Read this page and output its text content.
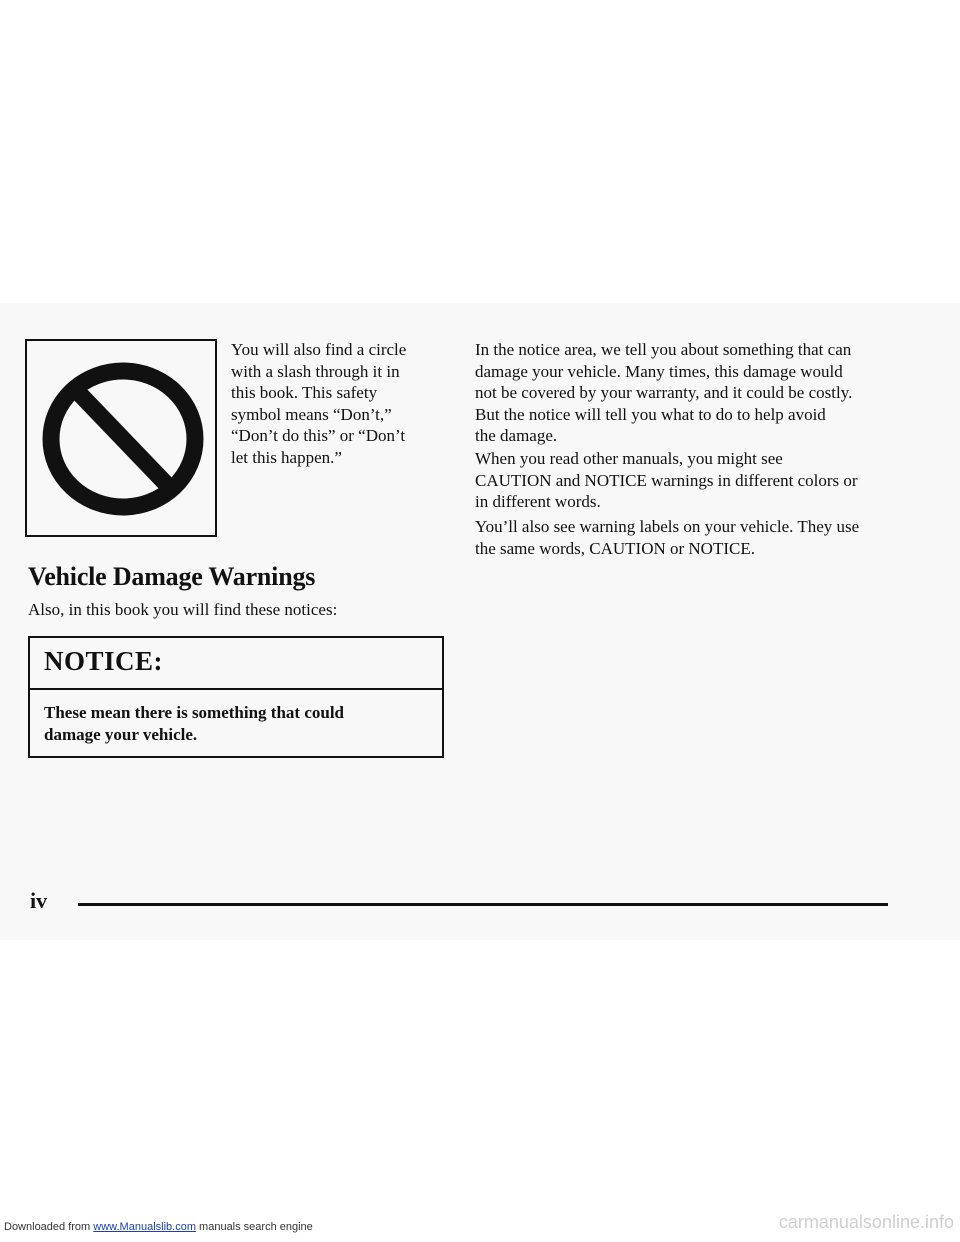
You will also find a circle
with a slash through it in
this book. This safety
symbol means “Don’t,”
“Don’t do this” or “Don’t
let this happen.”

Vehicle Damage Warnings

Also, in this book you will find these notices:

NOTICE:

These mean there is something that could
damage your vehicle.

In the notice area, we tell you about something that can
damage your vehicle. Many times, this damage would
not be covered by your warranty, and it could be costly.
But the notice will tell you what to do to help avoid
the damage.

When you read other manuals, you might see
CAUTION and NOTICE warnings in different colors or
in different words.

You’ll also see warning labels on your vehicle. They use
the same words, CAUTION or NOTICE.

iv

Downloaded from www.Manualslib.com manuals search engine	carmanualsonline.info
